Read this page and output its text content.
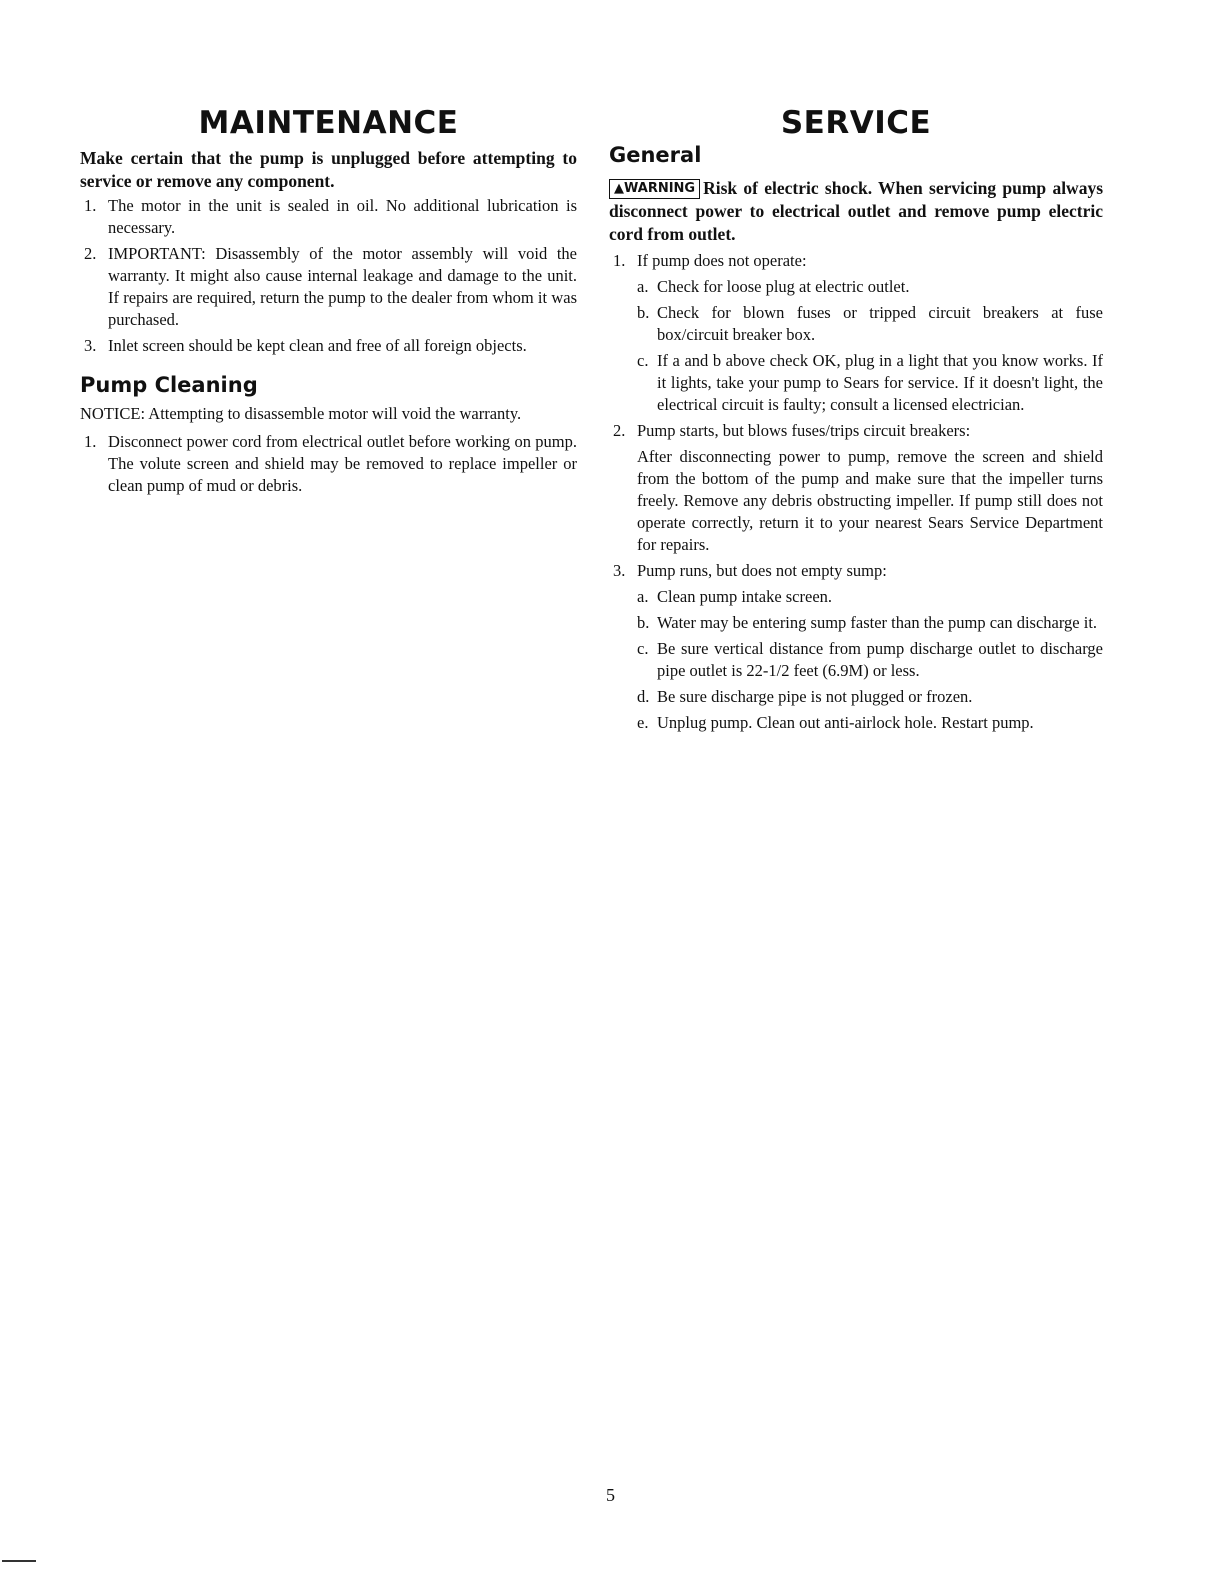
MAINTENANCE

Make certain that the pump is unplugged before attempting to service or remove any component.

1. The motor in the unit is sealed in oil. No additional lubrication is necessary.
2. IMPORTANT: Disassembly of the motor assembly will void the warranty. It might also cause internal leakage and damage to the unit. If repairs are required, return the pump to the dealer from whom it was purchased.
3. Inlet screen should be kept clean and free of all foreign objects.
Pump Cleaning

NOTICE: Attempting to disassemble motor will void the warranty.

1. Disconnect power cord from electrical outlet before working on pump. The volute screen and shield may be removed to replace impeller or clean pump of mud or debris.
SERVICE
General

▲WARNING Risk of electric shock. When servicing pump always disconnect power to electrical outlet and remove pump electric cord from outlet.

1. If pump does not operate:
a. Check for loose plug at electric outlet.
b. Check for blown fuses or tripped circuit breakers at fuse box/circuit breaker box.
c. If a and b above check OK, plug in a light that you know works. If it lights, take your pump to Sears for service. If it doesn't light, the electrical circuit is faulty; consult a licensed electrician.
2. Pump starts, but blows fuses/trips circuit breakers:

After disconnecting power to pump, remove the screen and shield from the bottom of the pump and make sure that the impeller turns freely. Remove any debris obstructing impeller. If pump still does not operate correctly, return it to your nearest Sears Service Department for repairs.

3. Pump runs, but does not empty sump:
a. Clean pump intake screen.
b. Water may be entering sump faster than the pump can discharge it.
c. Be sure vertical distance from pump discharge outlet to discharge pipe outlet is 22-1/2 feet (6.9M) or less.
d. Be sure discharge pipe is not plugged or frozen.
e. Unplug pump. Clean out anti-airlock hole. Restart pump.
5
